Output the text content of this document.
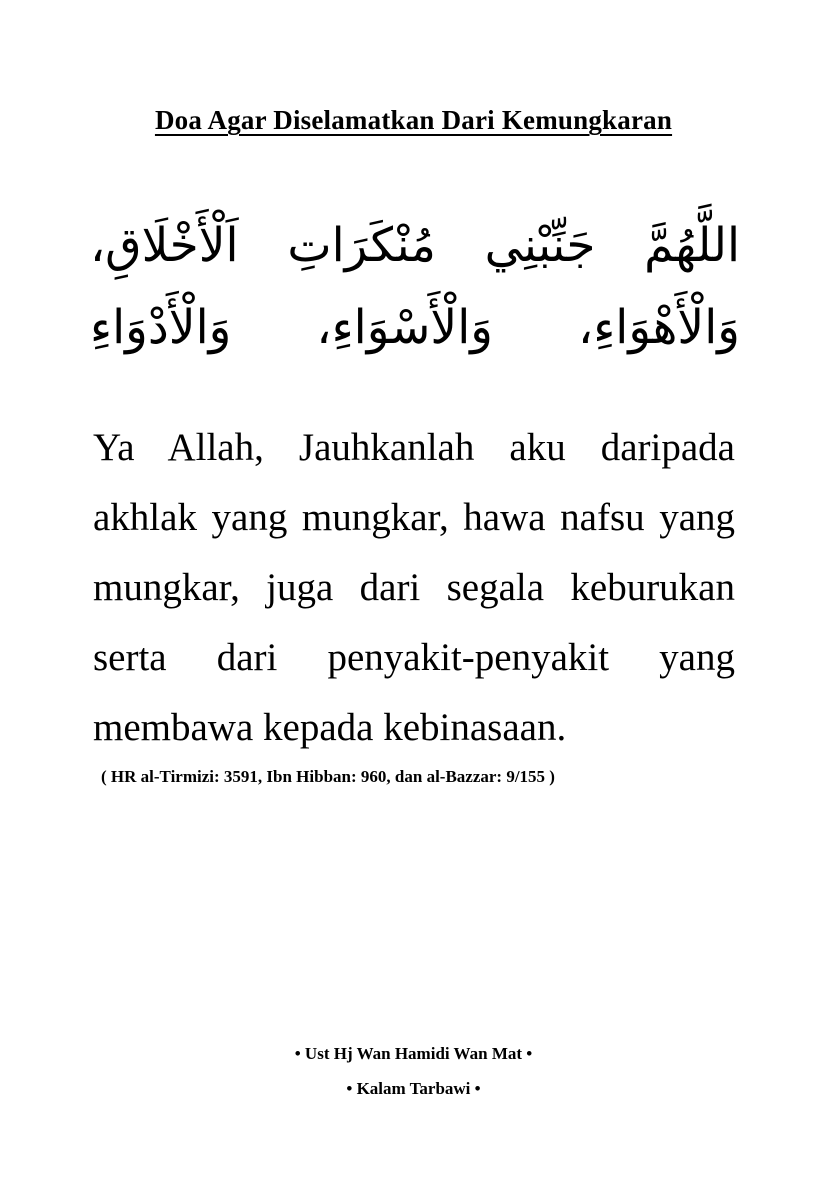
Doa Agar Diselamatkan Dari Kemungkaran
اللَّهُمَّ جَنِّبْنِي مُنْكَرَاتِ اَلْأَخْلَاقِ،
وَالْأَهْوَاءِ، وَالْأَسْوَاءِ، وَالْأَدْوَاءِ
Ya Allah, Jauhkanlah aku daripada
akhlak yang mungkar, hawa nafsu yang
mungkar, juga dari segala keburukan
serta dari penyakit-penyakit yang
membawa kepada kebinasaan.
( HR al-Tirmizi: 3591, Ibn Hibban: 960, dan al-Bazzar: 9/155 )
• Ust Hj Wan Hamidi Wan Mat •
• Kalam Tarbawi •
